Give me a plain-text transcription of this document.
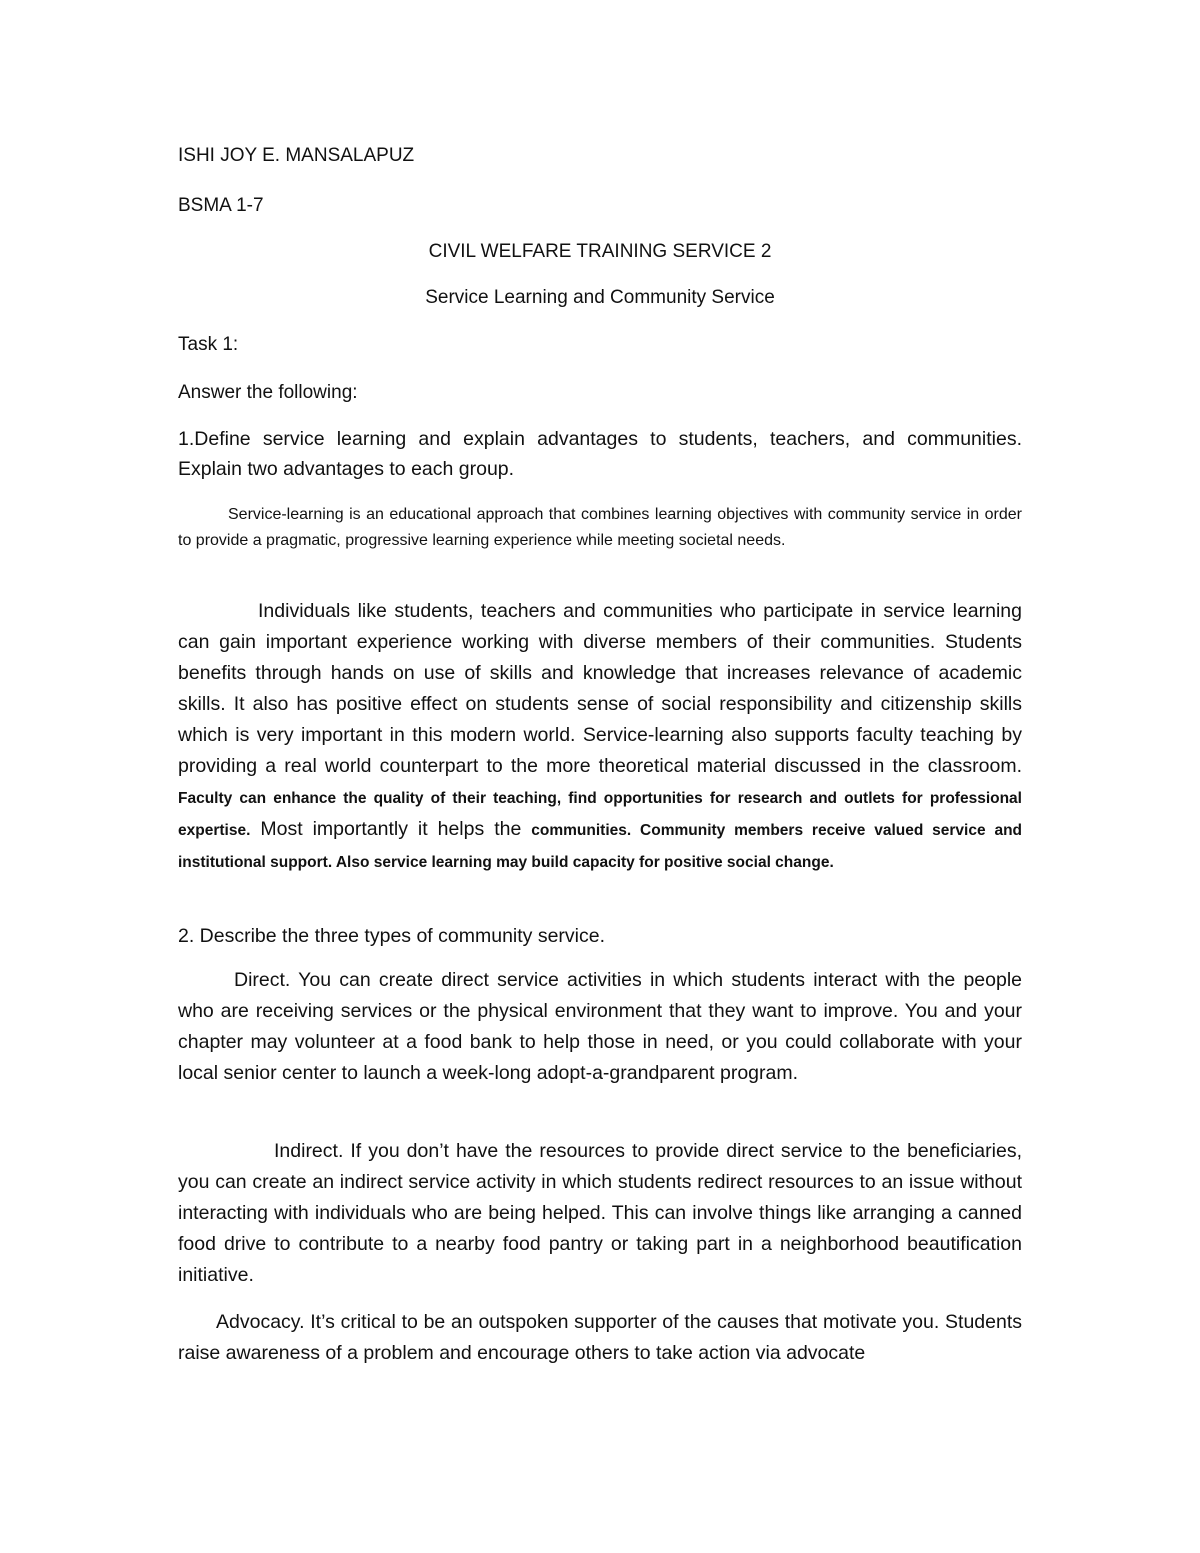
ISHI JOY E. MANSALAPUZ

BSMA 1-7

CIVIL WELFARE TRAINING SERVICE 2

Service Learning and Community Service

Task 1:

Answer the following:

1.Define service learning and explain advantages to students, teachers, and communities. Explain two advantages to each group.

Service-learning is an educational approach that combines learning objectives with community service in order to provide a pragmatic, progressive learning experience while meeting societal needs.

Individuals like students, teachers and communities who participate in service learning can gain important experience working with diverse members of their communities. Students benefits through hands on use of skills and knowledge that increases relevance of academic skills. It also has positive effect on students sense of social responsibility and citizenship skills which is very important in this modern world. Service-learning also supports faculty teaching by providing a real world counterpart to the more theoretical material discussed in the classroom. Faculty can enhance the quality of their teaching, find opportunities for research and outlets for professional expertise. Most importantly it helps the communities. Community members receive valued service and institutional support. Also service learning may build capacity for positive social change.

2. Describe the three types of community service.

Direct. You can create direct service activities in which students interact with the people who are receiving services or the physical environment that they want to improve. You and your chapter may volunteer at a food bank to help those in need, or you could collaborate with your local senior center to launch a week-long adopt-a-grandparent program.

Indirect. If you don’t have the resources to provide direct service to the beneficiaries, you can create an indirect service activity in which students redirect resources to an issue without interacting with individuals who are being helped. This can involve things like arranging a canned food drive to contribute to a nearby food pantry or taking part in a neighborhood beautification initiative.

Advocacy. It’s critical to be an outspoken supporter of the causes that motivate you. Students raise awareness of a problem and encourage others to take action via advocate
